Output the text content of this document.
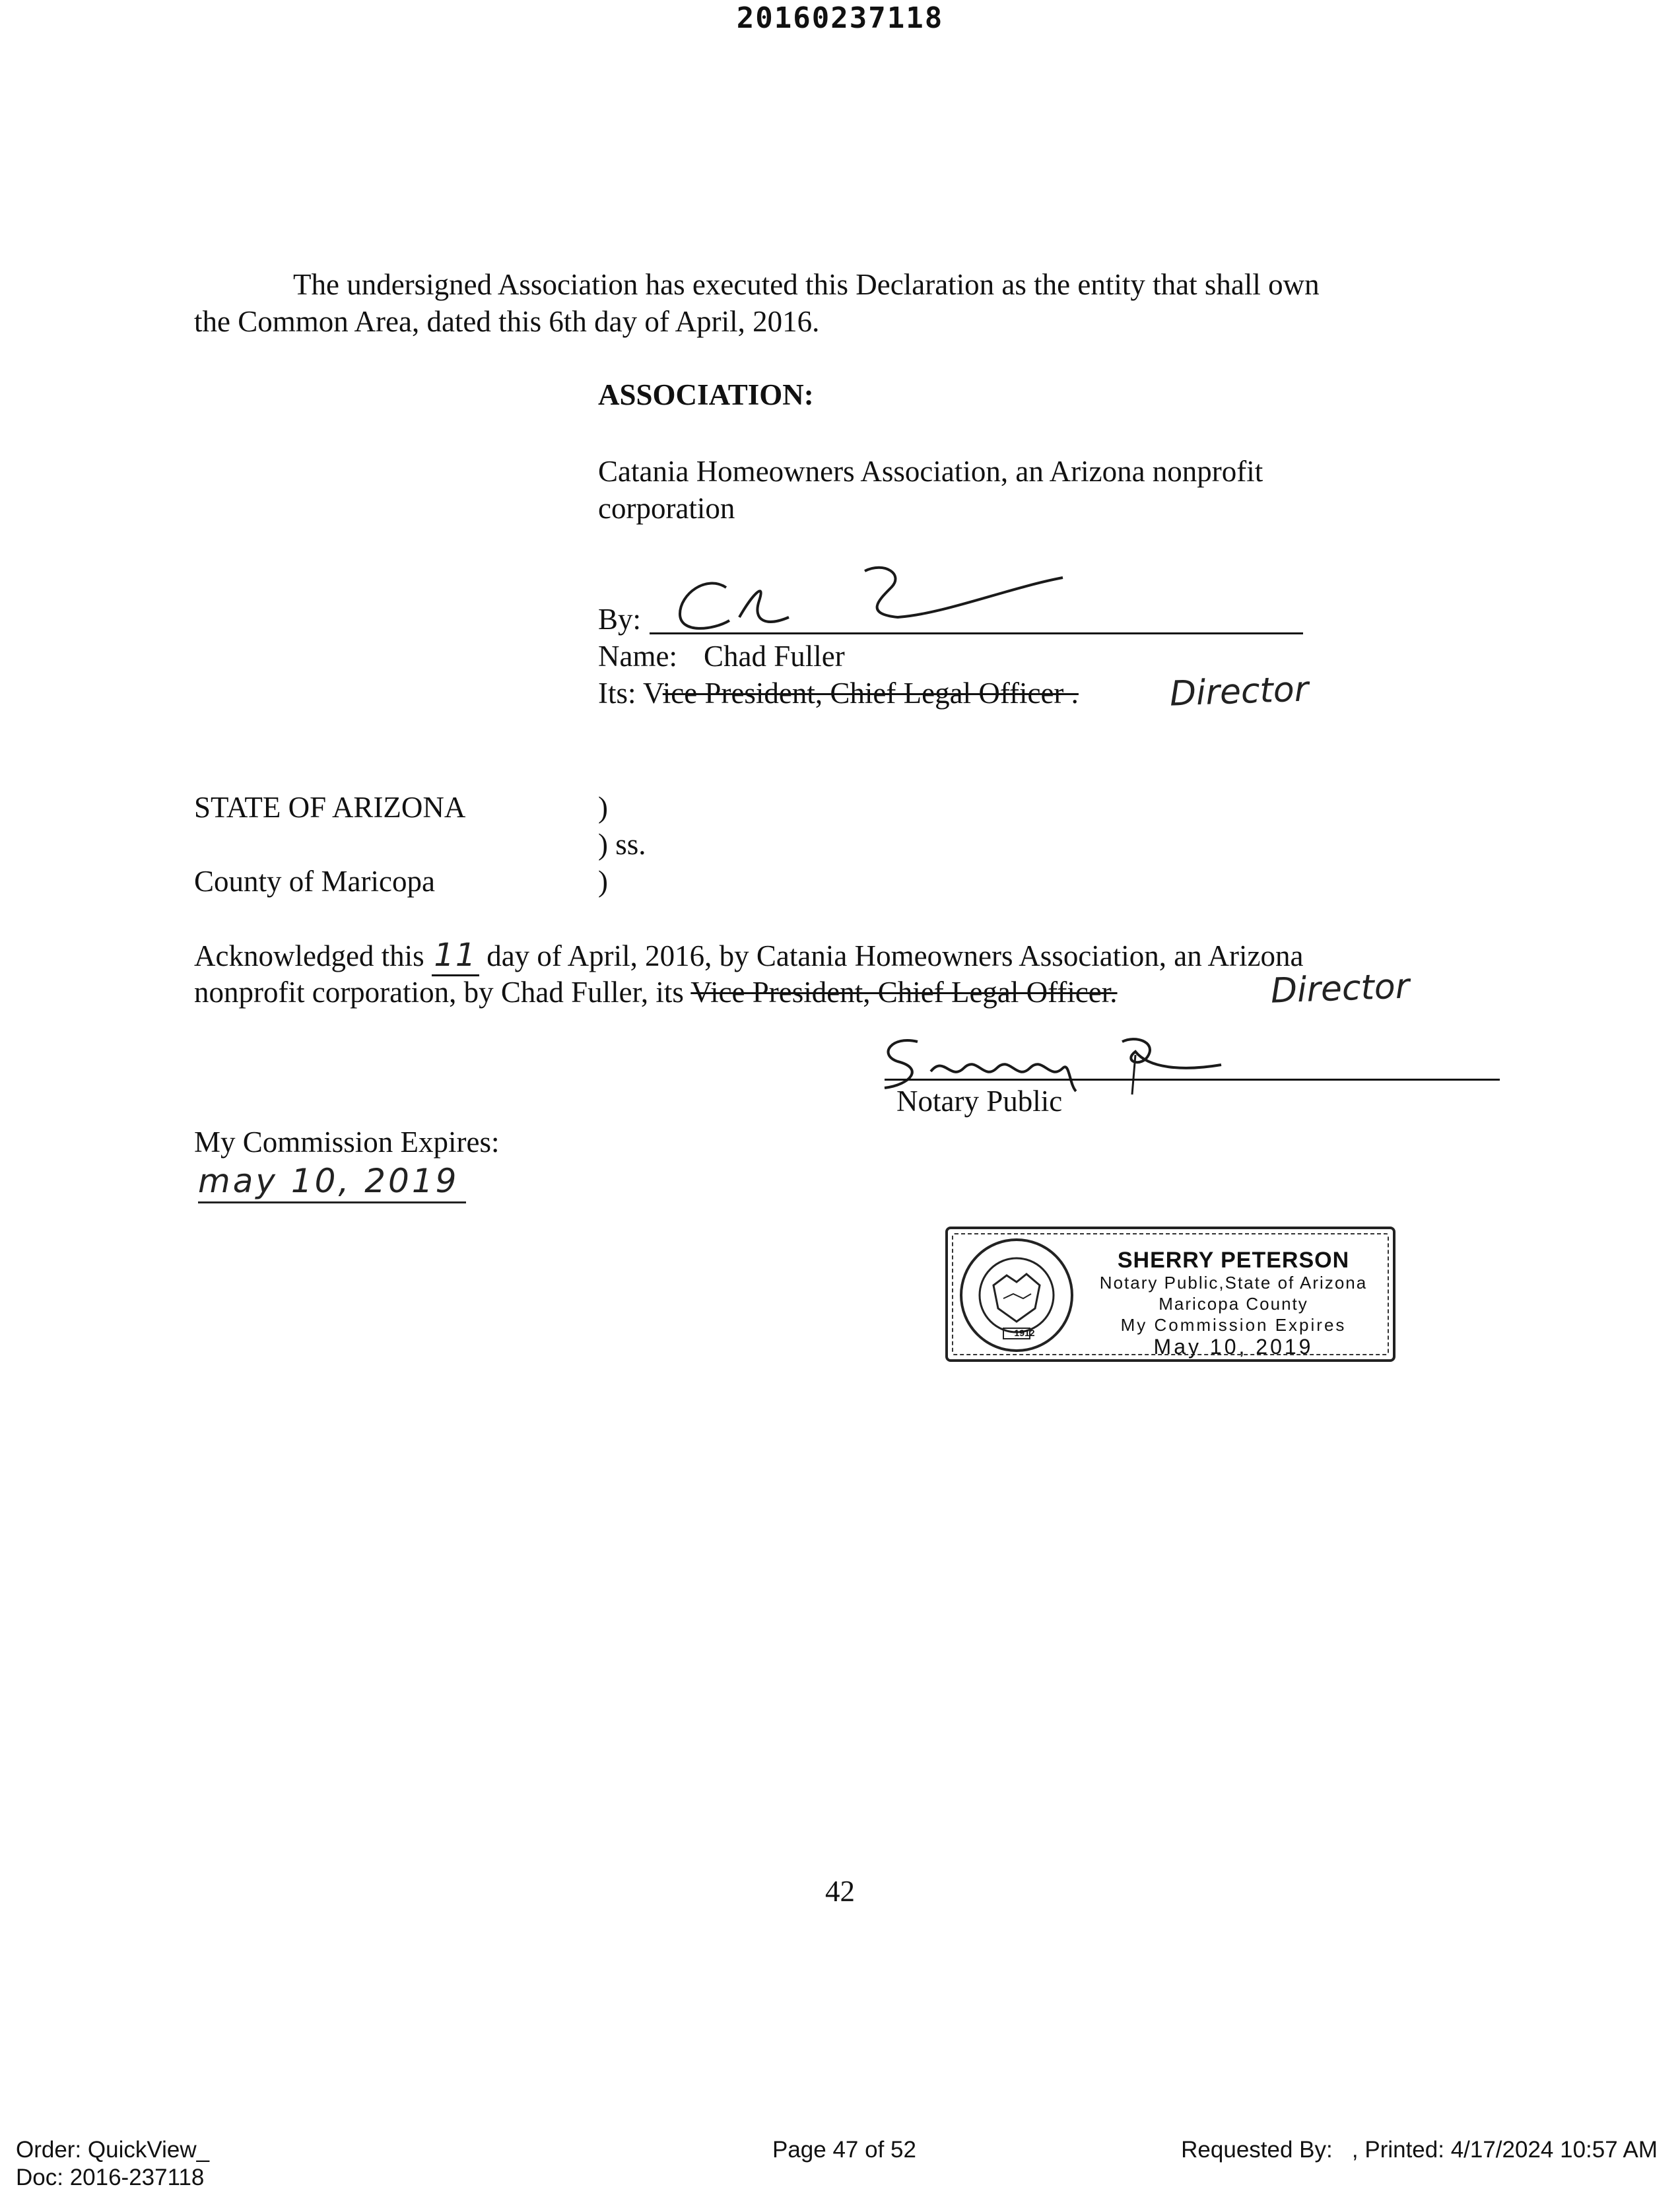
20160237118
The undersigned Association has executed this Declaration as the entity that shall own
the Common Area, dated this 6th day of April, 2016.
ASSOCIATION:
Catania Homeowners Association, an Arizona nonprofit
corporation
By:
Name: Chad Fuller
Its: Vice President, Chief Legal Officer .	Director
STATE OF ARIZONA	)
) ss.
County of Maricopa	)
Acknowledged this 11 day of April, 2016, by Catania Homeowners Association, an Arizona
nonprofit corporation, by Chad Fuller, its Vice President, Chief Legal Officer.	Director
Notary Public
My Commission Expires:
may 10, 2019
1912
SHERRY PETERSON
Notary Public,State of Arizona
Maricopa County
My Commission Expires
May 10, 2019
42
Order: QuickView_
Doc: 2016-237118
Page 47 of 52	Requested By:   , Printed: 4/17/2024 10:57 AM
